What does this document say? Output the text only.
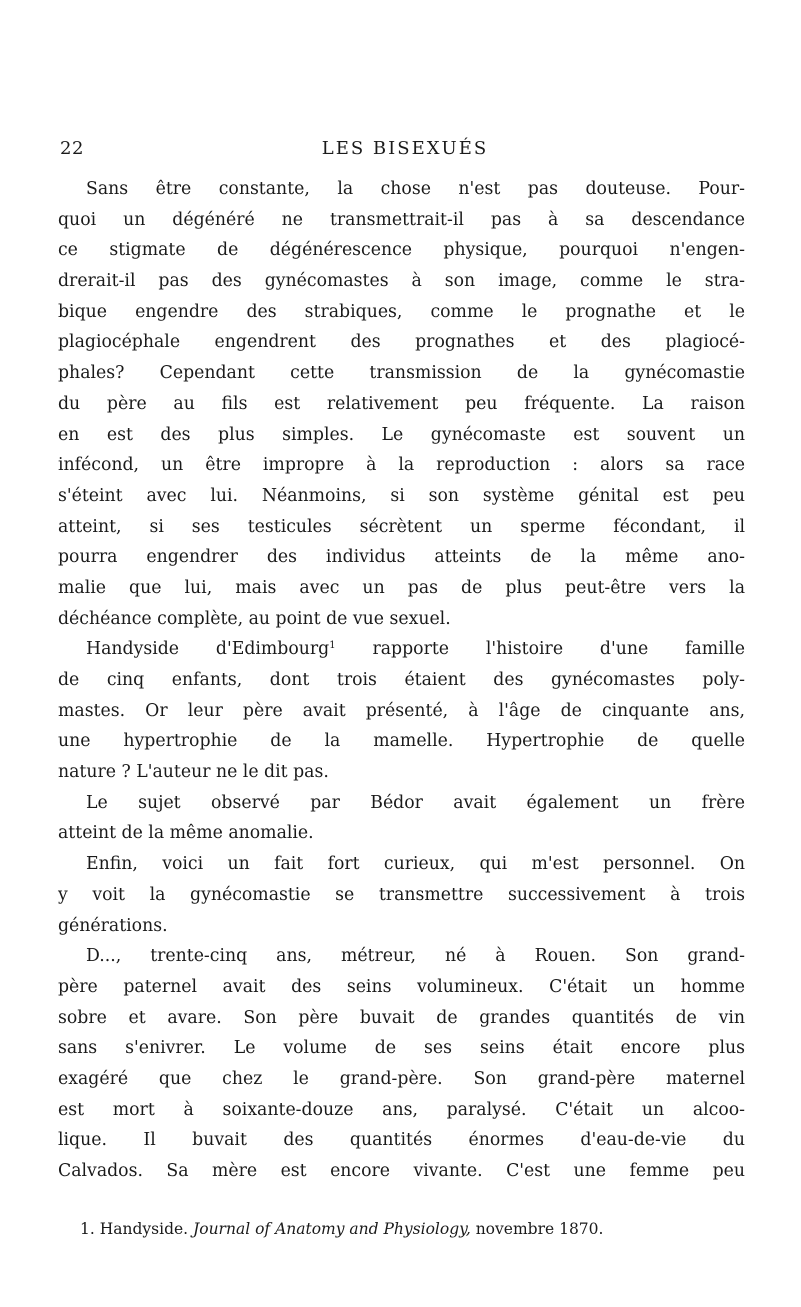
22	LES BISEXUÉS
Sans être constante, la chose n'est pas douteuse. Pour-
quoi un dégénéré ne transmettrait-il pas à sa descendance
ce stigmate de dégénérescence physique, pourquoi n'engen-
drerait-il pas des gynécomastes à son image, comme le stra-
bique engendre des strabiques, comme le prognathe et le
plagiocéphale engendrent des prognathes et des plagiocé-
phales? Cependant cette transmission de la gynécomastie
du père au fils est relativement peu fréquente. La raison
en est des plus simples. Le gynécomaste est souvent un
infécond, un être impropre à la reproduction : alors sa race
s'éteint avec lui. Néanmoins, si son système génital est peu
atteint, si ses testicules sécrètent un sperme fécondant, il
pourra engendrer des individus atteints de la même ano-
malie que lui, mais avec un pas de plus peut-être vers la
déchéance complète, au point de vue sexuel.
Handyside d'Edimbourg$^1$ rapporte l'histoire d'une famille
de cinq enfants, dont trois étaient des gynécomastes poly-
mastes. Or leur père avait présenté, à l'âge de cinquante ans,
une hypertrophie de la mamelle. Hypertrophie de quelle
nature ? L'auteur ne le dit pas.
Le sujet observé par Bédor avait également un frère
atteint de la même anomalie.
Enfin, voici un fait fort curieux, qui m'est personnel. On
y voit la gynécomastie se transmettre successivement à trois
générations.
D..., trente-cinq ans, métreur, né à Rouen. Son grand-
père paternel avait des seins volumineux. C'était un homme
sobre et avare. Son père buvait de grandes quantités de vin
sans s'enivrer. Le volume de ses seins était encore plus
exagéré que chez le grand-père. Son grand-père maternel
est mort à soixante-douze ans, paralysé. C'était un alcoo-
lique. Il buvait des quantités énormes d'eau-de-vie du
Calvados. Sa mère est encore vivante. C'est une femme peu
1. Handyside. Journal of Anatomy and Physiology, novembre 1870.
